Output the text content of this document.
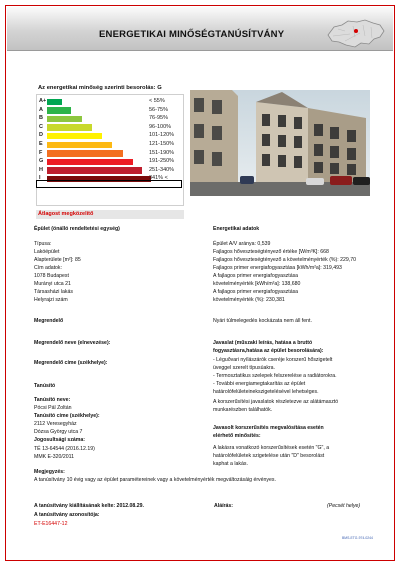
ENERGETIKAI MINŐSÉGTANÚSÍTVÁNY
Az energetikai minőség szerinti besorolás: G
A+	< 55%
A	56-75%
B	76-95%
C	96-100%
D	101-120%
E	121-150%
F	151-190%
G	191-250%
H	251-340%
I	341% <
Átlagost megközelítő
Épület (önálló rendeltetési egység)
Típusa:
Lakóépület
Alapterülete [m²]: 85
Cím adatok:
1078 Budapest
Murányi utca 21
Társasházi lakás
Helyrajzi szám
Energetikai adatok
Épület A/V aránya: 0,539
Fajlagos hőveszteségtényező értéke [W/m³K]: 668
Fajlagos hőveszteségtényező a követelményérték (%): 229,70
Fajlagos primer energiafogyasztása [kWh/m²a]: 319,493
A fajlagos primer energiafogyasztása
követelményérték [kWh/m²a]: 138,680
A fajlagos primer energiafogyasztása
követelményérték (%): 230,381
Megrendelő	Nyári túlmelegedés kockázata nem áll fent.
Megrendelő neve (elnevezése):
Megrendelő címe (székhelye):
Javaslat (műszaki leírás, hatása a bruttó
fogyasztásra,hatása az épület besorolására):
- Léguðvari nyílászárók cseréje korszerű hőszigetelt
üveggel szerelt típusúakra.
- Termosztatikus szelepek felszerelése a radiátorokra.
- További energiamegtakarítás az épület
határolófelületeinekszigetelésével lehetséges.
Tanúsító
Tanúsító neve:
Pócsi Pál Zoltán
Tanúsító címe (székhelye):
2112 Veresegyház
Dózsa György utca 7
Jogosultsági száma:
TÉ 13-64544 (2016.12.19)
MMK E-320/2011
A korszerűsítési javaslatok részletezve az alátámasztó
munkarészben találhatók.
Javasolt korszerűsítés megvalósítása esetén
elérhető minősítés:
A lakásra vonatkozó korszerűsítések esetén "G", a
határolófelületek szigetelése után "D" besorolást
kaphat a lakás.
Megjegyzés:
A tanúsítvány 10 évig vagy az épület paramétereinek vagy a követelményérték megváltozásáig érvényes.
A tanúsítvány kiállításának kelte: 2012.08.29.	Aláírás:	(Pecsét helye)
A tanúsítvány azonosítója:
ET-E16447-12
BMS-ETG-974-0244
